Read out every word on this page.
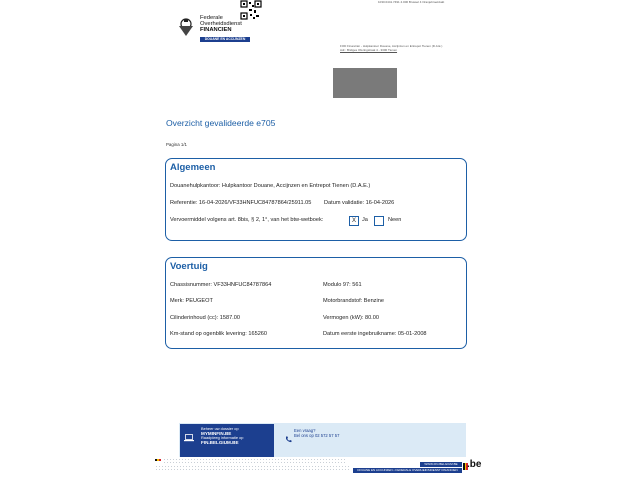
1030.0441.7491 4.000 Brussel 4 Oranjebroekzakt
Federale
Overheidsdienst
FINANCIEN
DOUANE EN ACCIJNZEN
FOD Financiën - Hulpkantoor Douane, Accijnzen en Entrepot Tienen (D.A.E.)
Adr.: Bridges Oferingstraat 4 - 3300 Tienen
Overzicht gevalideerde e705
Pagina 1/1
Algemeen
Douanehulpkantoor: Hulpkantoor Douane, Accijnzen en Entrepot Tienen (D.A.E.)
Referentie: 16-04-2026/VF33HNFUC84787864/25911.05 Datum validatie: 16-04-2026
Vervoermiddel volgens art. 8bis, § 2, 1°, van het btw-wetboek:	X	Ja	Neen
Voertuig
Chassisnummer: VF33HNFUC84787864	Modulo 97: 561
Merk: PEUGEOT	Motorbrandstof: Benzine
Cilinderinhoud (cc): 1587.00	Vermogen (kW): 80.00
Km-stand op ogenblik levering: 165260	Datum eerste ingebruikname: 05-01-2008
Beheer uw dossier op
MYMINFIN.BE
Raadpleeg informatie op
FIN.BELGIUM.BE
Een vraag?
Bel ons op 02 572 57 57
WWW.FIN.BELGIUM.BE
DOUANE EN ACCIJNZEN • FEDERALE OVERHEIDSDIENST FINANCIEN .be
